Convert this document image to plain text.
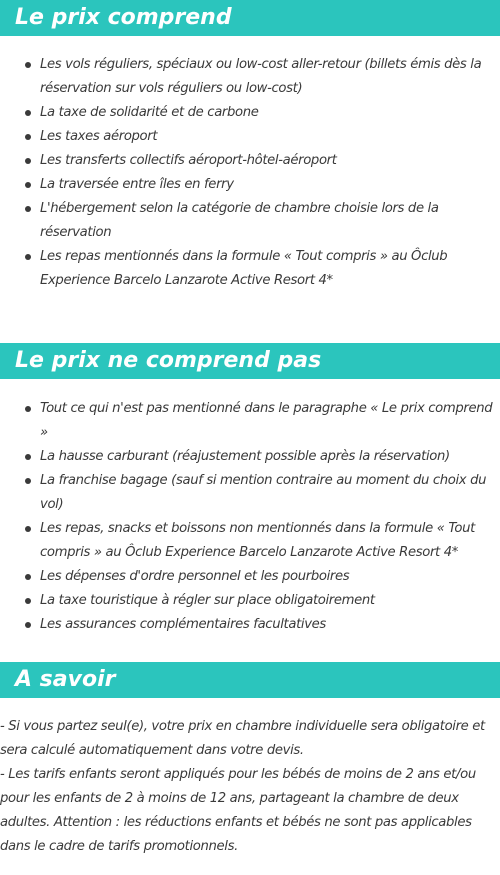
Le prix comprend
Les vols réguliers, spéciaux ou low-cost aller-retour (billets émis dès la réservation sur vols réguliers ou low-cost)
La taxe de solidarité et de carbone
Les taxes aéroport
Les transferts collectifs aéroport-hôtel-aéroport
La traversée entre îles en ferry
L'hébergement selon la catégorie de chambre choisie lors de la réservation
Les repas mentionnés dans la formule « Tout compris » au Ôclub Experience Barcelo Lanzarote Active Resort 4*
Le prix ne comprend pas
Tout ce qui n'est pas mentionné dans le paragraphe « Le prix comprend »
La hausse carburant (réajustement possible après la réservation)
La franchise bagage (sauf si mention contraire au moment du choix du vol)
Les repas, snacks et boissons non mentionnés dans la formule « Tout compris » au Ôclub Experience Barcelo Lanzarote Active Resort 4*
Les dépenses d'ordre personnel et les pourboires
La taxe touristique à régler sur place obligatoirement
Les assurances complémentaires facultatives
A savoir

- Si vous partez seul(e), votre prix en chambre individuelle sera obligatoire et sera calculé automatiquement dans votre devis.

- Les tarifs enfants seront appliqués pour les bébés de moins de 2 ans et/ou pour les enfants de 2 à moins de 12 ans, partageant la chambre de deux adultes. Attention : les réductions enfants et bébés ne sont pas applicables dans le cadre de tarifs promotionnels.
